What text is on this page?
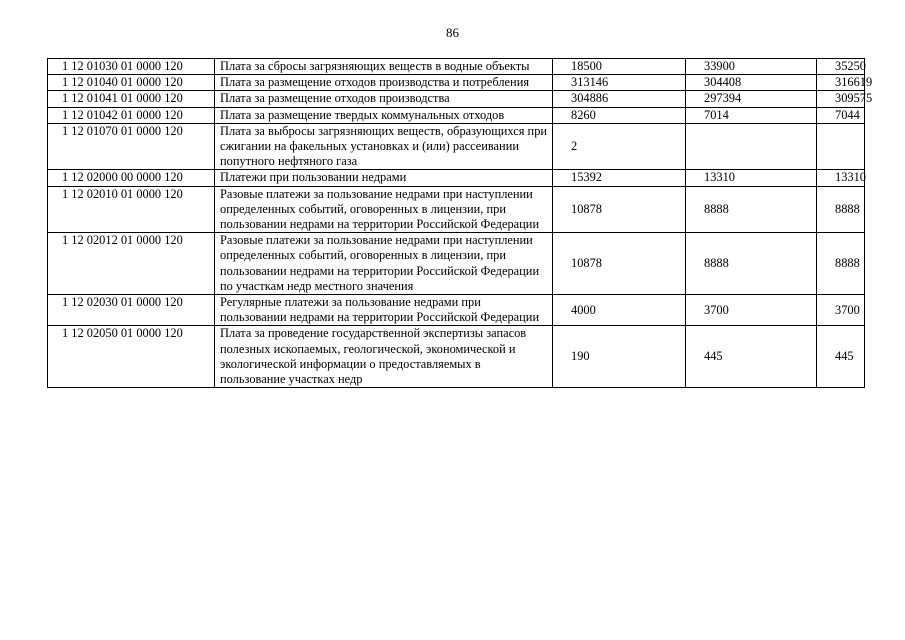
86
1 12 01030 01 0000 120	Плата за сбросы загрязняющих веществ в водные объекты	18500	33900	35250
1 12 01040 01 0000 120	Плата за размещение отходов производства и потребления	313146	304408	316619
1 12 01041 01 0000 120	Плата за размещение отходов производства	304886	297394	309575
1 12 01042 01 0000 120	Плата за размещение твердых коммунальных отходов	8260	7014	7044
1 12 01070 01 0000 120	Плата за выбросы загрязняющих веществ, образующихся при сжигании на факельных установках и (или) рассеивании попутного нефтяного газа	2		
1 12 02000 00 0000 120	Платежи при пользовании недрами	15392	13310	13310
1 12 02010 01 0000 120	Разовые платежи за пользование недрами при наступлении определенных событий, оговоренных в лицензии, при пользовании недрами на территории Российской Федерации	10878	8888	8888
1 12 02012 01 0000 120	Разовые платежи за пользование недрами при наступлении определенных событий, оговоренных в лицензии, при пользовании недрами на территории Российской Федерации по участкам недр местного значения	10878	8888	8888
1 12 02030 01 0000 120	Регулярные платежи за пользование недрами при пользовании недрами на территории Российской Федерации	4000	3700	3700
1 12 02050 01 0000 120	Плата за проведение государственной экспертизы запасов полезных ископаемых, геологической, экономической и экологической информации о предоставляемых в пользование участках недр	190	445	445
